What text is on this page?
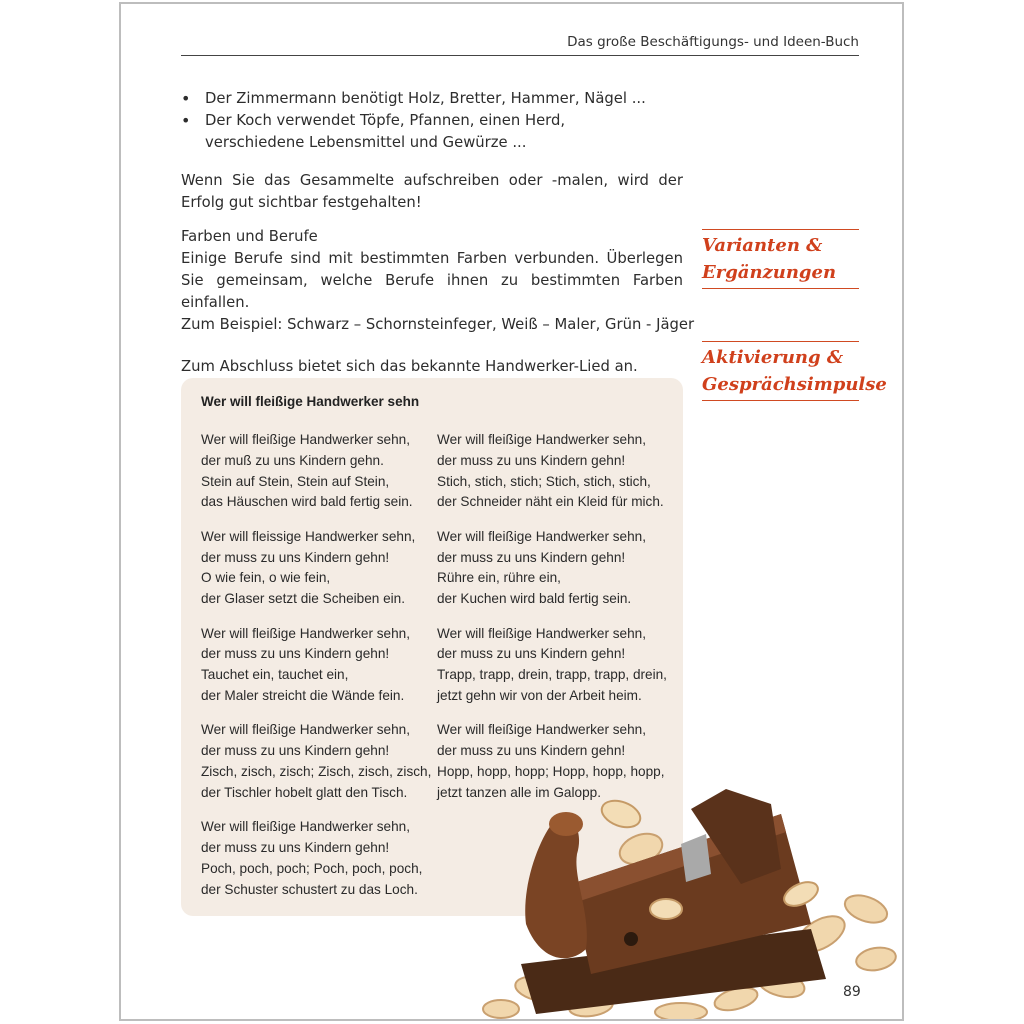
Das große Beschäftigungs- und Ideen-Buch
• Der Zimmermann benötigt Holz, Bretter, Hammer, Nägel ...
• Der Koch verwendet Töpfe, Pfannen, einen Herd,
verschiedene Lebensmittel und Gewürze ...

Wenn Sie das Gesammelte aufschreiben oder -malen, wird der Erfolg gut sichtbar festgehalten!

Farben und Berufe

Einige Berufe sind mit bestimmten Farben verbunden. Überlegen Sie gemeinsam, welche Berufe ihnen zu bestimmten Farben einfallen.

Zum Beispiel: Schwarz – Schornsteinfeger, Weiß – Maler, Grün - Jäger

Zum Abschluss bietet sich das bekannte Handwerker-Lied an.

Wer will fleißige Handwerker sehn
Wer will fleißige Handwerker sehn,
der muß zu uns Kindern gehn.
Stein auf Stein, Stein auf Stein,
das Häuschen wird bald fertig sein.
Wer will fleissige Handwerker sehn,
der muss zu uns Kindern gehn!
O wie fein, o wie fein,
der Glaser setzt die Scheiben ein.
Wer will fleißige Handwerker sehn,
der muss zu uns Kindern gehn!
Tauchet ein, tauchet ein,
der Maler streicht die Wände fein.
Wer will fleißige Handwerker sehn,
der muss zu uns Kindern gehn!
Zisch, zisch, zisch; Zisch, zisch, zisch,
der Tischler hobelt glatt den Tisch.
Wer will fleißige Handwerker sehn,
der muss zu uns Kindern gehn!
Poch, poch, poch; Poch, poch, poch,
der Schuster schustert zu das Loch.
Wer will fleißige Handwerker sehn,
der muss zu uns Kindern gehn!
Stich, stich, stich; Stich, stich, stich,
der Schneider näht ein Kleid für mich.
Wer will fleißige Handwerker sehn,
der muss zu uns Kindern gehn!
Rühre ein, rühre ein,
der Kuchen wird bald fertig sein.
Wer will fleißige Handwerker sehn,
der muss zu uns Kindern gehn!
Trapp, trapp, drein, trapp, trapp, drein,
jetzt gehn wir von der Arbeit heim.
Wer will fleißige Handwerker sehn,
der muss zu uns Kindern gehn!
Hopp, hopp, hopp; Hopp, hopp, hopp,
jetzt tanzen alle im Galopp.
Varianten &
Ergänzungen
Aktivierung &
Gesprächsimpulse
89
